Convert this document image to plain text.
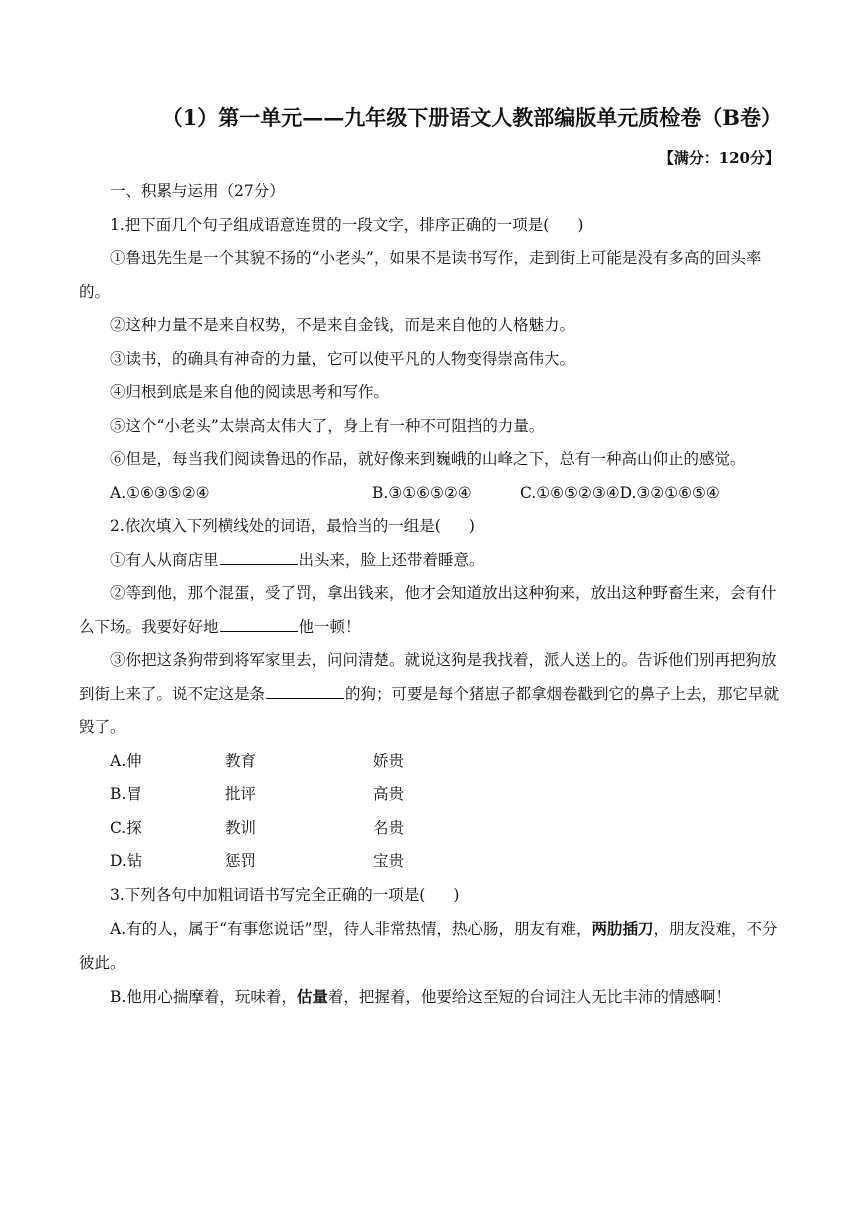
（1）第一单元——九年级下册语文人教部编版单元质检卷（B卷）
【满分：120分】

一、积累与运用（27分）

1.把下面几个句子组成语意连贯的一段文字，排序正确的一项是( )

①鲁迅先生是一个其貌不扬的“小老头”，如果不是读书写作，走到街上可能是没有多高的回头率的。

②这种力量不是来自权势，不是来自金钱，而是来自他的人格魅力。

③读书，的确具有神奇的力量，它可以使平凡的人物变得崇高伟大。

④归根到底是来自他的阅读思考和写作。

⑤这个“小老头”太崇高太伟大了，身上有一种不可阻挡的力量。

⑥但是，每当我们阅读鲁迅的作品，就好像来到巍峨的山峰之下，总有一种高山仰止的感觉。

A.①⑥③⑤②④	B.③①⑥⑤②④	C.①⑥⑤②③④D.③②①⑥⑤④

2.依次填入下列横线处的词语，最恰当的一组是( )

①有人从商店里	出头来，脸上还带着睡意。

②等到他，那个混蛋，受了罚，拿出钱来，他才会知道放出这种狗来，放出这种野畜生来，会有什么下场。我要好好地	他一顿！

③你把这条狗带到将军家里去，问问清楚。就说这狗是我找着，派人送上的。告诉他们别再把狗放到街上来了。说不定这是条	的狗；可要是每个猪崽子都拿烟卷戳到它的鼻子上去，那它早就毁了。

A.伸	教育	娇贵
B.冒	批评	高贵
C.探	教训	名贵
D.钻	惩罚	宝贵

3.下列各句中加粗词语书写完全正确的一项是( )

A.有的人，属于“有事您说话”型，待人非常热情，热心肠，朋友有难，两肋插刀，朋友没难，不分彼此。

B.他用心揣摩着，玩味着，估量着，把握着，他要给这至短的台词注人无比丰沛的情感啊！
